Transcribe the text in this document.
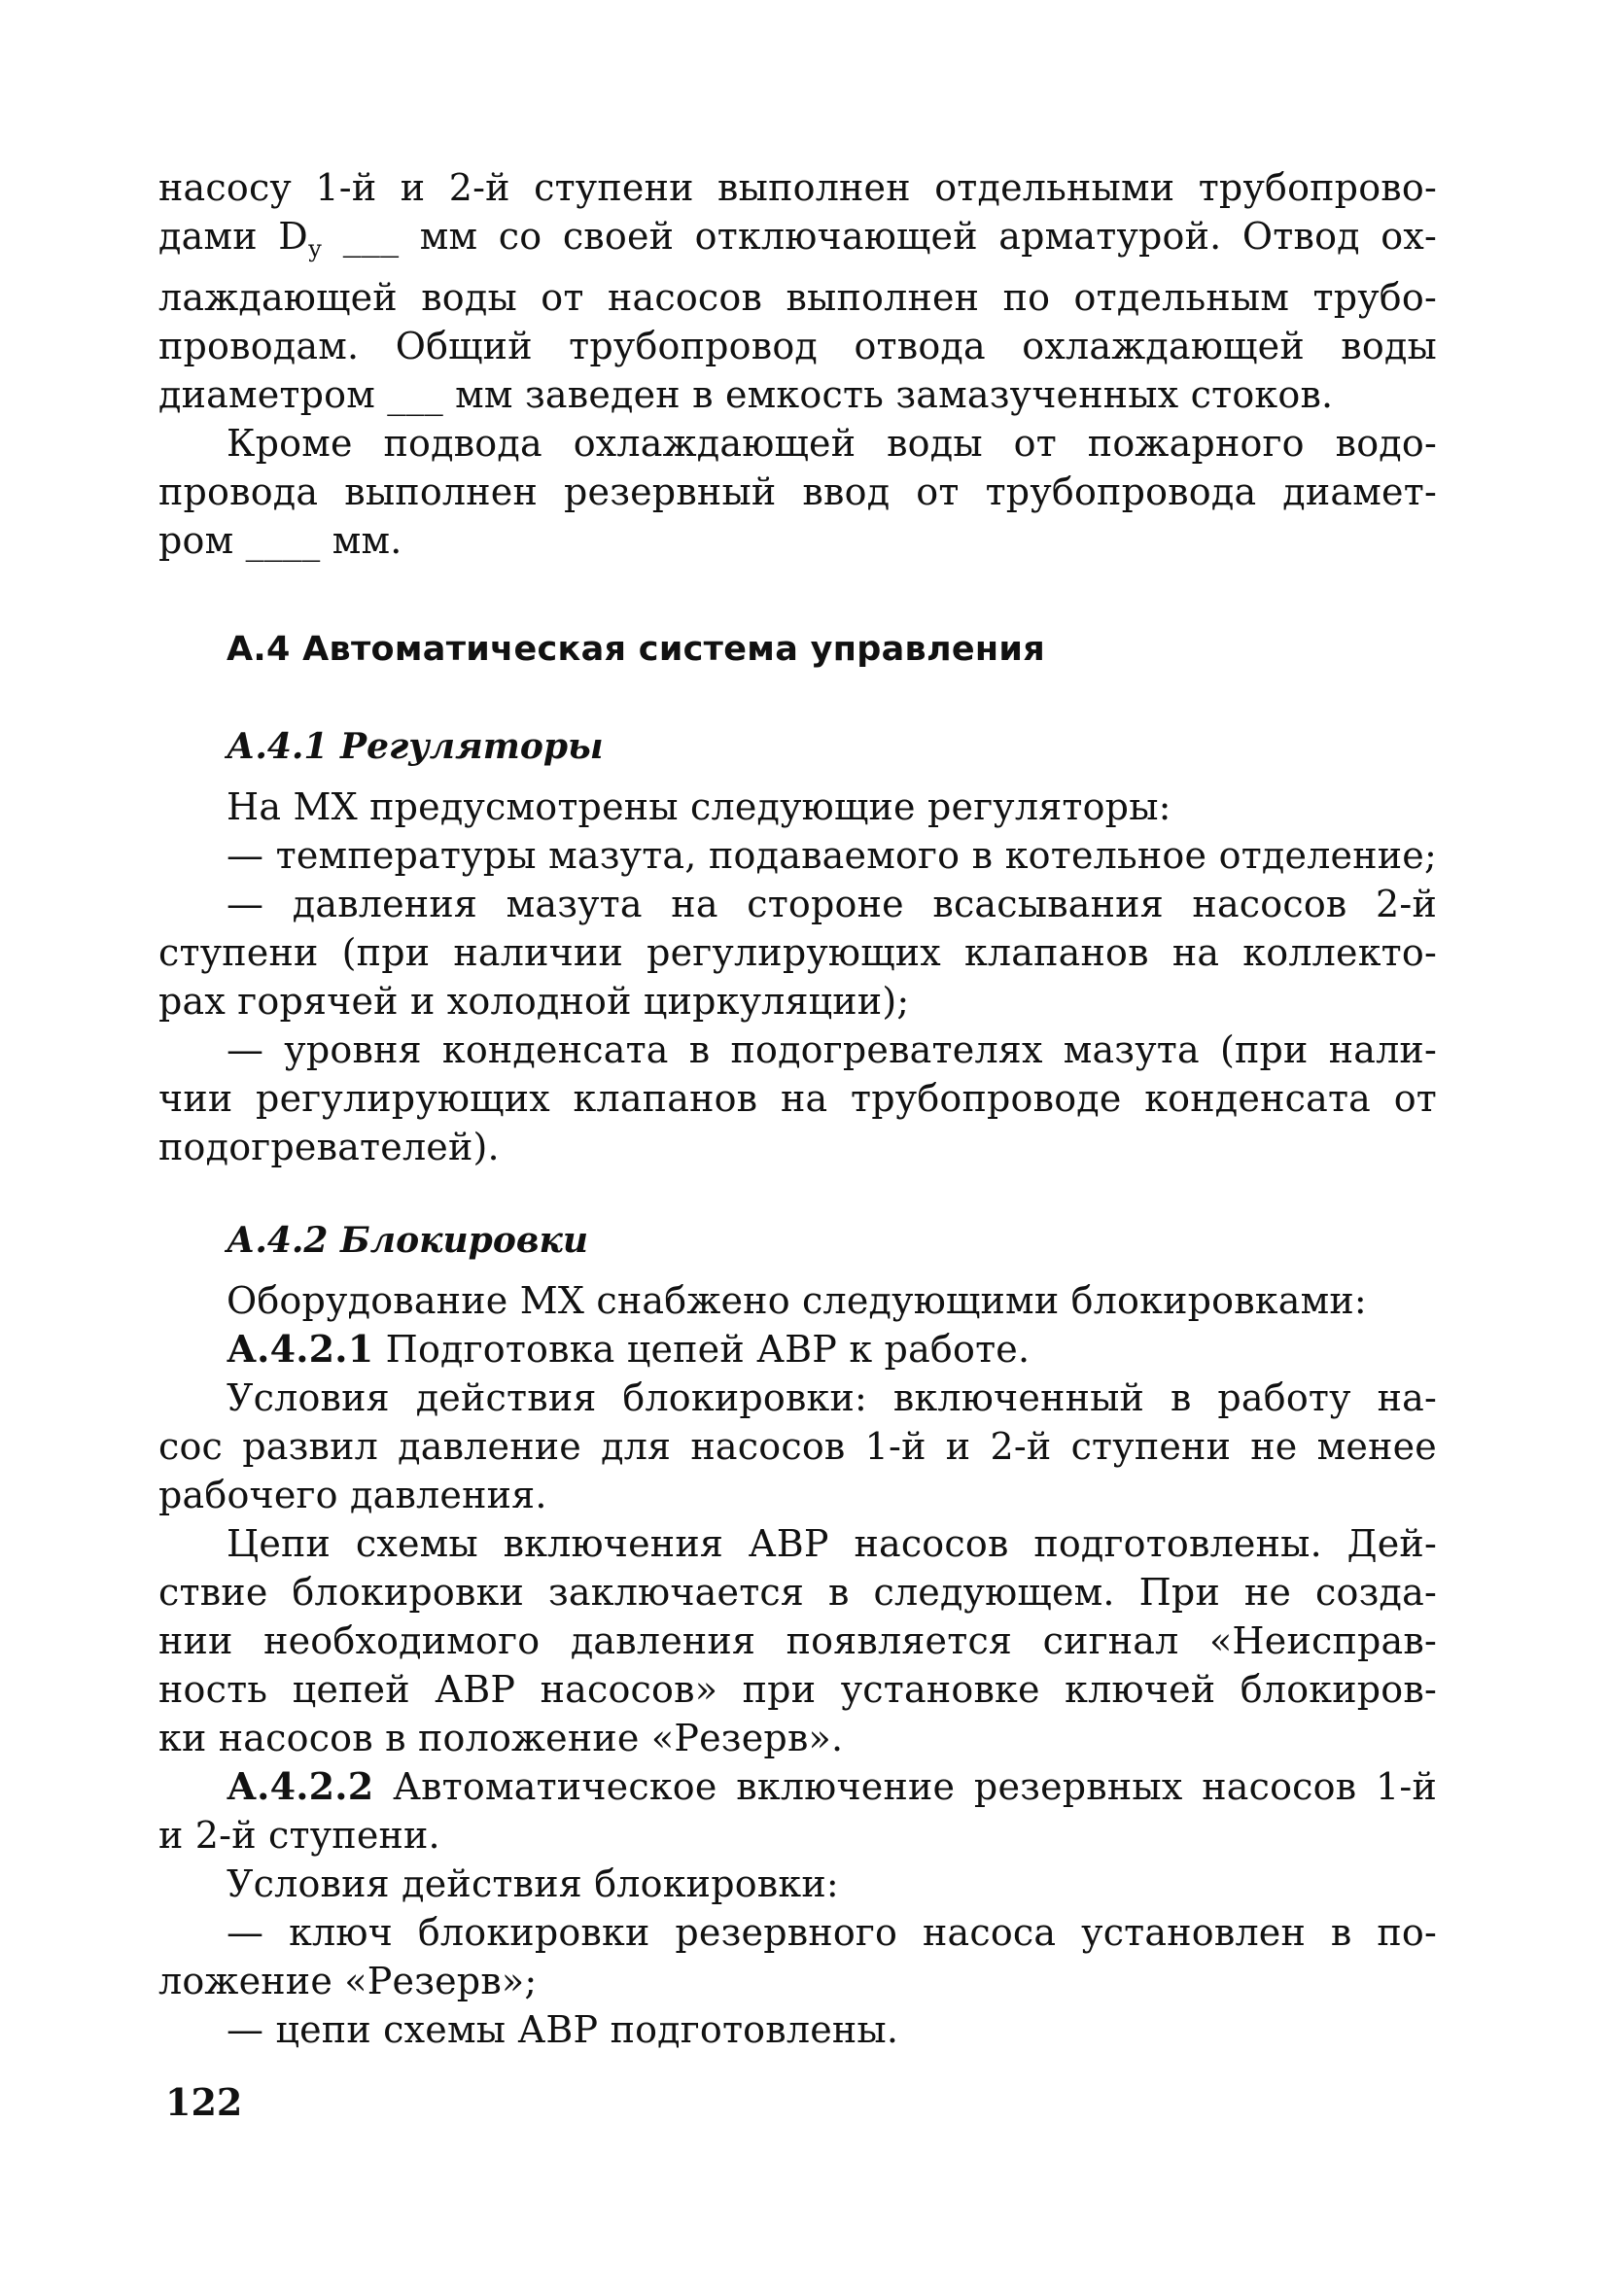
насосу 1-й и 2-й ступени выполнен отдельными трубопрово-

дами $D_у$ ___ мм со своей отключающей арматурой. Отвод ох-

лаждающей воды от насосов выполнен по отдельным трубо-

проводам. Общий трубопровод отвода охлаждающей воды

диаметром ___ мм заведен в емкость замазученных стоков.

Кроме подвода охлаждающей воды от пожарного водо-

провода выполнен резервный ввод от трубопровода диамет-

ром ____ мм.

А.4 Автоматическая система управления
А.4.1 Регуляторы

На МХ предусмотрены следующие регуляторы:

— температуры мазута, подаваемого в котельное отделение;

— давления мазута на стороне всасывания насосов 2-й

ступени (при наличии регулирующих клапанов на коллекто-

рах горячей и холодной циркуляции);

— уровня конденсата в подогревателях мазута (при нали-

чии регулирующих клапанов на трубопроводе конденсата от

подогревателей).

А.4.2 Блокировки

Оборудование МХ снабжено следующими блокировками:

А.4.2.1 Подготовка цепей АВР к работе.

Условия действия блокировки: включенный в работу на-

сос развил давление для насосов 1-й и 2-й ступени не менее

рабочего давления.

Цепи схемы включения АВР насосов подготовлены. Дей-

ствие блокировки заключается в следующем. При не созда-

нии необходимого давления появляется сигнал «Неисправ-

ность цепей АВР насосов» при установке ключей блокиров-

ки насосов в положение «Резерв».

А.4.2.2 Автоматическое включение резервных насосов 1-й

и 2-й ступени.

Условия действия блокировки:

— ключ блокировки резервного насоса установлен в по-

ложение «Резерв»;

— цепи схемы АВР подготовлены.

122
